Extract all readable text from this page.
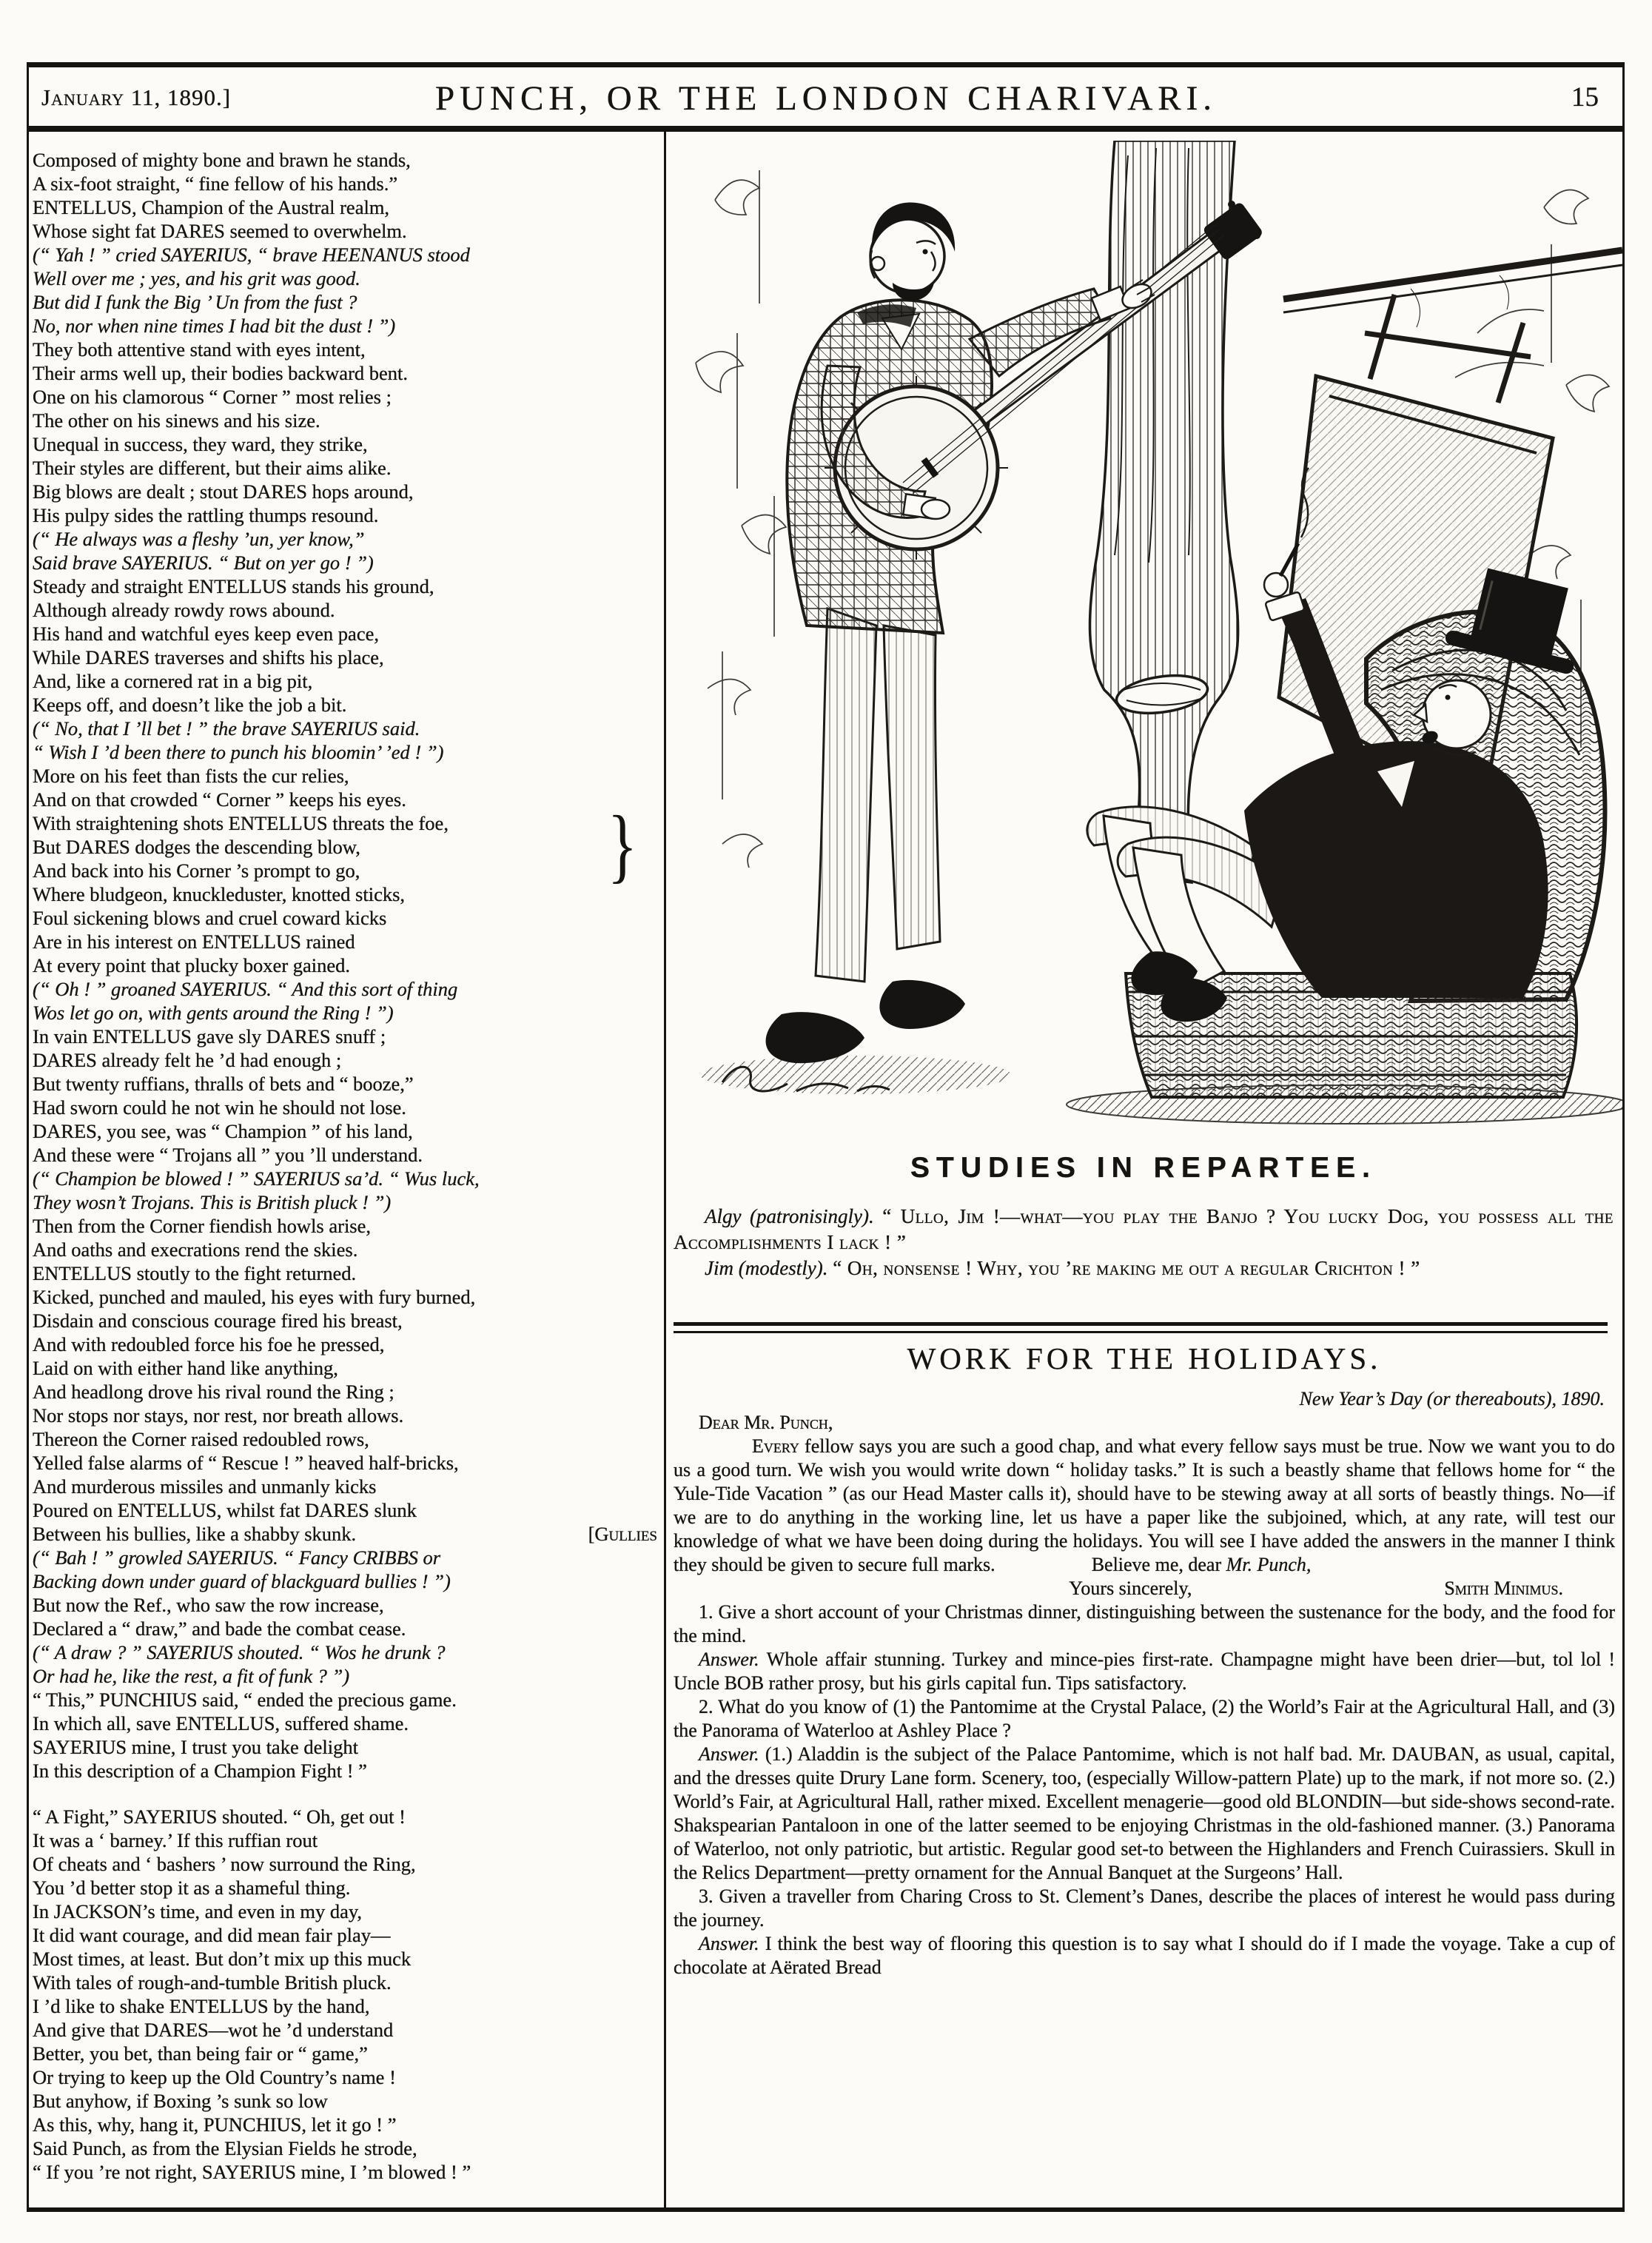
January 11, 1890.]	PUNCH, OR THE LONDON CHARIVARI.	15
Composed of mighty bone and brawn he stands,
A six-foot straight, “ fine fellow of his hands.”
ENTELLUS, Champion of the Austral realm,
Whose sight fat DARES seemed to overwhelm.
(“ Yah ! ” cried SAYERIUS, “ brave HEENANUS stood
Well over me ; yes, and his grit was good.
But did I funk the Big ’ Un from the fust ?
No, nor when nine times I had bit the dust ! ”)
They both attentive stand with eyes intent,
Their arms well up, their bodies backward bent.
One on his clamorous “ Corner ” most relies ;
The other on his sinews and his size.
Unequal in success, they ward, they strike,
Their styles are different, but their aims alike.
Big blows are dealt ; stout DARES hops around,
His pulpy sides the rattling thumps resound.
(“ He always was a fleshy ’un, yer know,”
Said brave SAYERIUS. “ But on yer go ! ”)
Steady and straight ENTELLUS stands his ground,
Although already rowdy rows abound.
His hand and watchful eyes keep even pace,
While DARES traverses and shifts his place,
And, like a cornered rat in a big pit,
Keeps off, and doesn’t like the job a bit.
(“ No, that I ’ll bet ! ” the brave SAYERIUS said.
“ Wish I ’d been there to punch his bloomin’ ’ed ! ”)
More on his feet than fists the cur relies,
And on that crowded “ Corner ” keeps his eyes.
With straightening shots ENTELLUS threats the foe,
But DARES dodges the descending blow,	}
And back into his Corner ’s prompt to go,
Where bludgeon, knuckleduster, knotted sticks,
Foul sickening blows and cruel coward kicks
Are in his interest on ENTELLUS rained
At every point that plucky boxer gained.
(“ Oh ! ” groaned SAYERIUS. “ And this sort of thing
Wos let go on, with gents around the Ring ! ”)
In vain ENTELLUS gave sly DARES snuff ;
DARES already felt he ’d had enough ;
But twenty ruffians, thralls of bets and “ booze,”
Had sworn could he not win he should not lose.
DARES, you see, was “ Champion ” of his land,
And these were “ Trojans all ” you ’ll understand.
(“ Champion be blowed ! ” SAYERIUS sa’d. “ Wus luck,
They wosn’t Trojans. This is British pluck ! ”)
Then from the Corner fiendish howls arise,
And oaths and execrations rend the skies.
ENTELLUS stoutly to the fight returned.
Kicked, punched and mauled, his eyes with fury burned,
Disdain and conscious courage fired his breast,
And with redoubled force his foe he pressed,
Laid on with either hand like anything,
And headlong drove his rival round the Ring ;
Nor stops nor stays, nor rest, nor breath allows.
Thereon the Corner raised redoubled rows,
Yelled false alarms of “ Rescue ! ” heaved half-bricks,
And murderous missiles and unmanly kicks
Poured on ENTELLUS, whilst fat DARES slunk
Between his bullies, like a shabby skunk.	[Gullies
(“ Bah ! ” growled SAYERIUS. “ Fancy CRIBBS or
Backing down under guard of blackguard bullies ! ”)
But now the Ref., who saw the row increase,
Declared a “ draw,” and bade the combat cease.
(“ A draw ? ” SAYERIUS shouted. “ Wos he drunk ?
Or had he, like the rest, a fit of funk ? ”)
“ This,” PUNCHIUS said, “ ended the precious game.
In which all, save ENTELLUS, suffered shame.
SAYERIUS mine, I trust you take delight
In this description of a Champion Fight ! ”
“ A Fight,” SAYERIUS shouted. “ Oh, get out !
It was a ‘ barney.’ If this ruffian rout
Of cheats and ‘ bashers ’ now surround the Ring,
You ’d better stop it as a shameful thing.
In JACKSON’s time, and even in my day,
It did want courage, and did mean fair play—
Most times, at least. But don’t mix up this muck
With tales of rough-and-tumble British pluck.
I ’d like to shake ENTELLUS by the hand,
And give that DARES—wot he ’d understand
Better, you bet, than being fair or “ game,”
Or trying to keep up the Old Country’s name !
But anyhow, if Boxing ’s sunk so low
As this, why, hang it, PUNCHIUS, let it go ! ”
Said Punch, as from the Elysian Fields he strode,
“ If you ’re not right, SAYERIUS mine, I ’m blowed ! ”

STUDIES IN REPARTEE.

Algy (patronisingly). “ Ullo, Jim !—what—you play the Banjo ? You lucky Dog, you possess all the Accomplishments I lack ! ”

Jim (modestly). “ Oh, nonsense ! Why, you ’re making me out a regular Crichton ! ”

WORK FOR THE HOLIDAYS.

New Year’s Day (or thereabouts), 1890.
Dear Mr. Punch,

Every fellow says you are such a good chap, and what every fellow says must be true. Now we want you to do us a good turn. We wish you would write down “ holiday tasks.” It is such a beastly shame that fellows home for “ the Yule-Tide Vacation ” (as our Head Master calls it), should have to be stewing away at all sorts of beastly things. No—if we are to do anything in the working line, let us have a paper like the subjoined, which, at any rate, will test our knowledge of what we have been doing during the holidays. You will see I have added the answers in the manner I think they should be given to secure full marks.	Believe me, dear Mr. Punch,

Yours sincerely,	Smith Minimus.

1. Give a short account of your Christmas dinner, distinguishing between the sustenance for the body, and the food for the mind.

Answer. Whole affair stunning. Turkey and mince-pies first-rate. Champagne might have been drier—but, tol lol ! Uncle BOB rather prosy, but his girls capital fun. Tips satisfactory.

2. What do you know of (1) the Pantomime at the Crystal Palace, (2) the World’s Fair at the Agricultural Hall, and (3) the Panorama of Waterloo at Ashley Place ?

Answer. (1.) Aladdin is the subject of the Palace Pantomime, which is not half bad. Mr. DAUBAN, as usual, capital, and the dresses quite Drury Lane form. Scenery, too, (especially Willow-pattern Plate) up to the mark, if not more so. (2.) World’s Fair, at Agricultural Hall, rather mixed. Excellent menagerie—good old BLONDIN—but side-shows second-rate. Shakspearian Pantaloon in one of the latter seemed to be enjoying Christmas in the old-fashioned manner. (3.) Panorama of Waterloo, not only patriotic, but artistic. Regular good set-to between the Highlanders and French Cuirassiers. Skull in the Relics Department—pretty ornament for the Annual Banquet at the Surgeons’ Hall.

3. Given a traveller from Charing Cross to St. Clement’s Danes, describe the places of interest he would pass during the journey.

Answer. I think the best way of flooring this question is to say what I should do if I made the voyage. Take a cup of chocolate at Aërated Bread
